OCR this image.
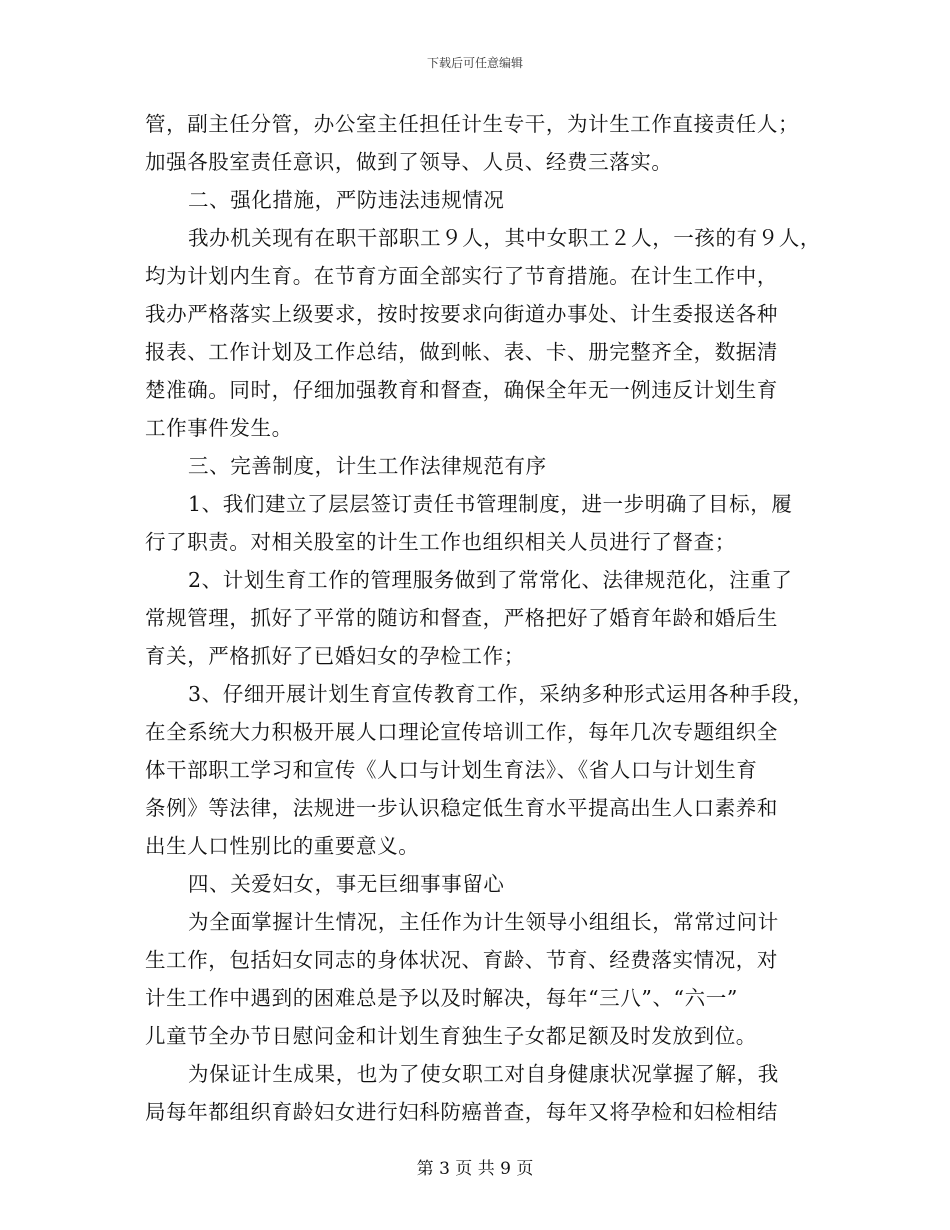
下载后可任意编辑
管，副主任分管，办公室主任担任计生专干，为计生工作直接责任人；
加强各股室责任意识，做到了领导、人员、经费三落实。
二、强化措施，严防违法违规情况
我办机关现有在职干部职工９人，其中女职工２人，一孩的有９人，
均为计划内生育。在节育方面全部实行了节育措施。在计生工作中，
我办严格落实上级要求，按时按要求向街道办事处、计生委报送各种
报表、工作计划及工作总结，做到帐、表、卡、册完整齐全，数据清
楚准确。同时，仔细加强教育和督查，确保全年无一例违反计划生育
工作事件发生。
三、完善制度，计生工作法律规范有序
1、我们建立了层层签订责任书管理制度，进一步明确了目标，履
行了职责。对相关股室的计生工作也组织相关人员进行了督查；
2、计划生育工作的管理服务做到了常常化、法律规范化，注重了
常规管理，抓好了平常的随访和督查，严格把好了婚育年龄和婚后生
育关，严格抓好了已婚妇女的孕检工作；
3、仔细开展计划生育宣传教育工作，采纳多种形式运用各种手段，
在全系统大力积极开展人口理论宣传培训工作，每年几次专题组织全
体干部职工学习和宣传《人口与计划生育法》、《省人口与计划生育
条例》等法律，法规进一步认识稳定低生育水平提高出生人口素养和
出生人口性别比的重要意义。
四、关爱妇女，事无巨细事事留心
为全面掌握计生情况，主任作为计生领导小组组长，常常过问计
生工作，包括妇女同志的身体状况、育龄、节育、经费落实情况，对
计生工作中遇到的困难总是予以及时解决，每年“三八”、“六一”
儿童节全办节日慰问金和计划生育独生子女都足额及时发放到位。
为保证计生成果，也为了使女职工对自身健康状况掌握了解，我
局每年都组织育龄妇女进行妇科防癌普查，每年又将孕检和妇检相结
第 3 页 共 9 页
